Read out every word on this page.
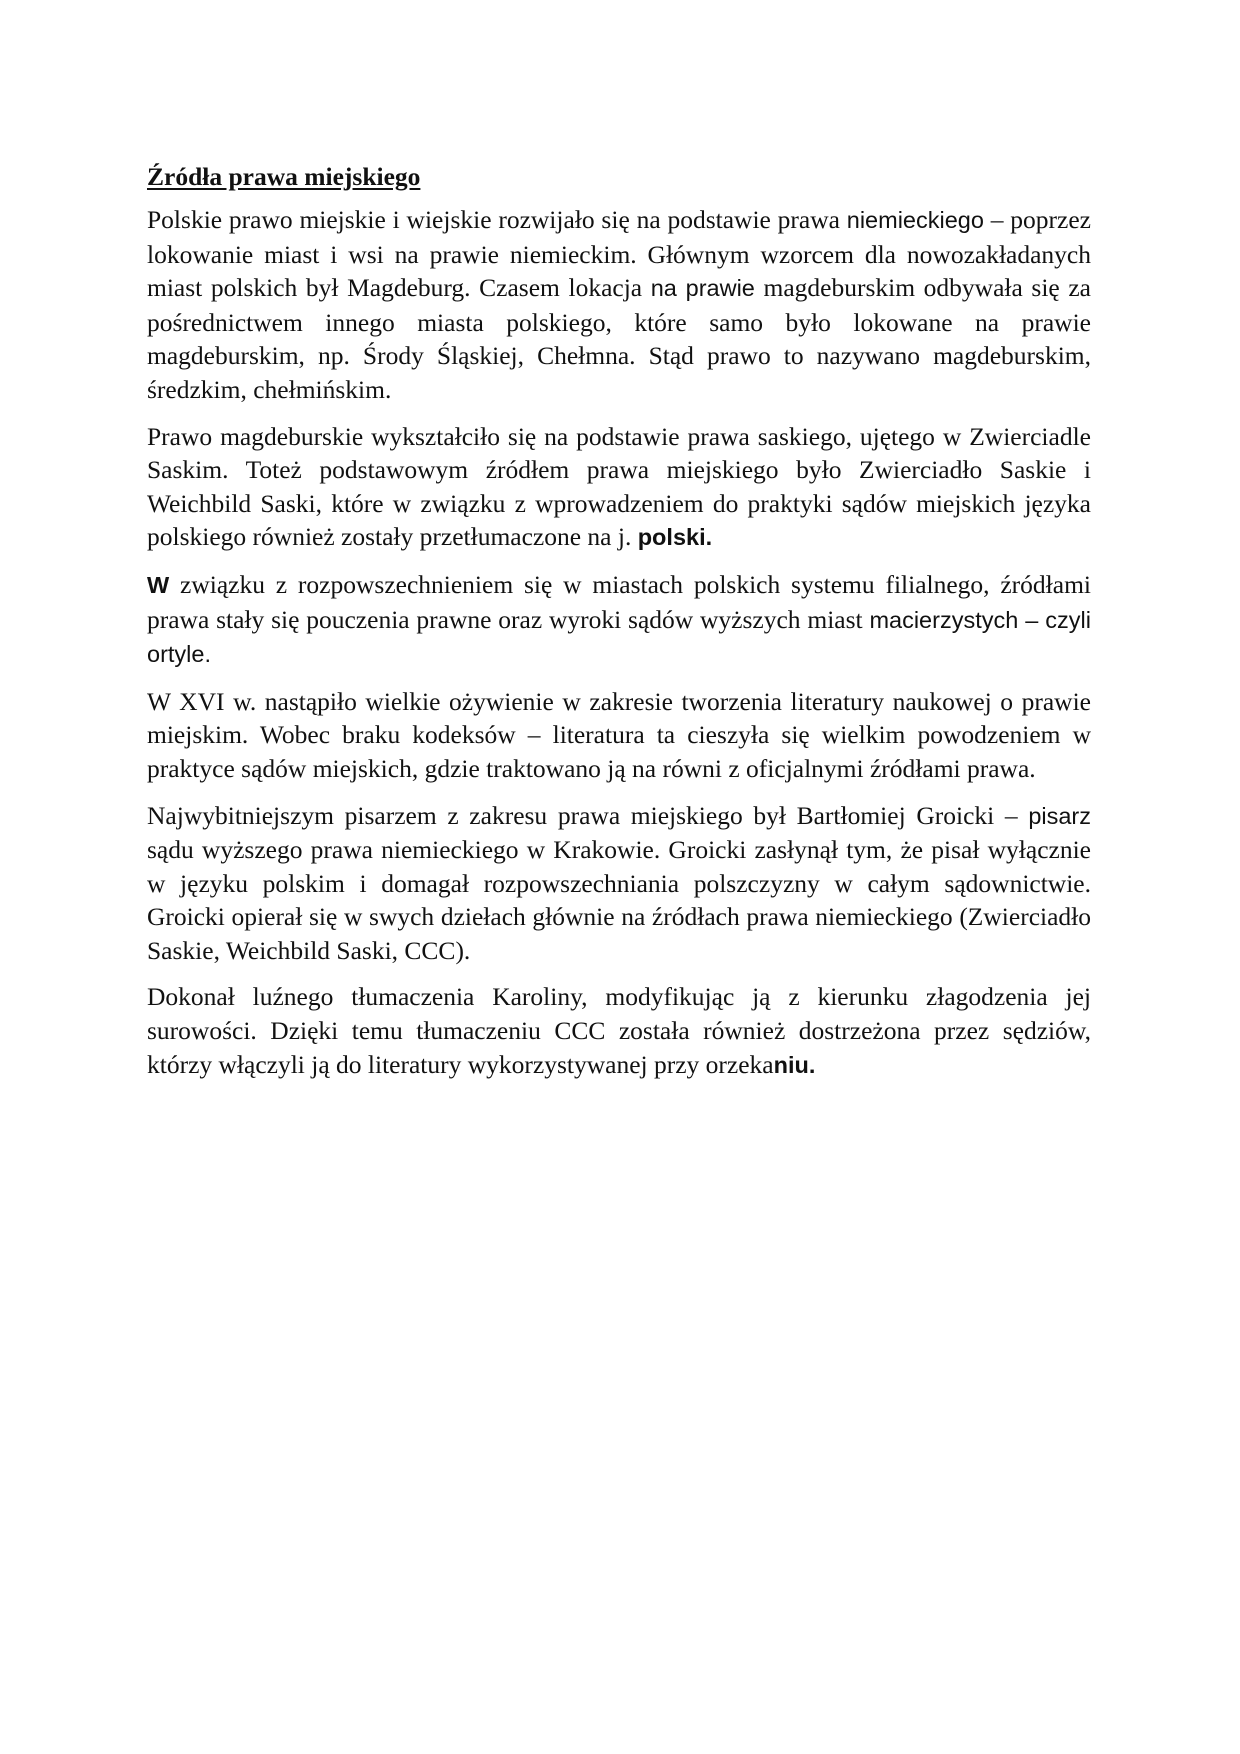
Źródła prawa miejskiego

Polskie prawo miejskie i wiejskie rozwijało się na podstawie prawa niemieckiego – poprzez lokowanie miast i wsi na prawie niemieckim. Głównym wzorcem dla nowozakładanych miast polskich był Magdeburg. Czasem lokacja na prawie magdeburskim odbywała się za pośrednictwem innego miasta polskiego, które samo było lokowane na prawie magdeburskim, np. Środy Śląskiej, Chełmna. Stąd prawo to nazywano magdeburskim, średzkim, chełmińskim.

Prawo magdeburskie wykształciło się na podstawie prawa saskiego, ujętego w Zwierciadle Saskim. Toteż podstawowym źródłem prawa miejskiego było Zwierciadło Saskie i Weichbild Saski, które w związku z wprowadzeniem do praktyki sądów miejskich języka polskiego również zostały przetłumaczone na j. polski.

W związku z rozpowszechnieniem się w miastach polskich systemu filialnego, źródłami prawa stały się pouczenia prawne oraz wyroki sądów wyższych miast macierzystych – czyli ortyle.

W XVI w. nastąpiło wielkie ożywienie w zakresie tworzenia literatury naukowej o prawie miejskim. Wobec braku kodeksów – literatura ta cieszyła się wielkim powodzeniem w praktyce sądów miejskich, gdzie traktowano ją na równi z oficjalnymi źródłami prawa.

Najwybitniejszym pisarzem z zakresu prawa miejskiego był Bartłomiej Groicki – pisarz sądu wyższego prawa niemieckiego w Krakowie. Groicki zasłynął tym, że pisał wyłącznie w języku polskim i domagał rozpowszechniania polszczyzny w całym sądownictwie. Groicki opierał się w swych dziełach głównie na źródłach prawa niemieckiego (Zwierciadło Saskie, Weichbild Saski, CCC).

Dokonał luźnego tłumaczenia Karoliny, modyfikując ją z kierunku złagodzenia jej surowości. Dzięki temu tłumaczeniu CCC została również dostrzeżona przez sędziów, którzy włączyli ją do literatury wykorzystywanej przy orzekaniu.
